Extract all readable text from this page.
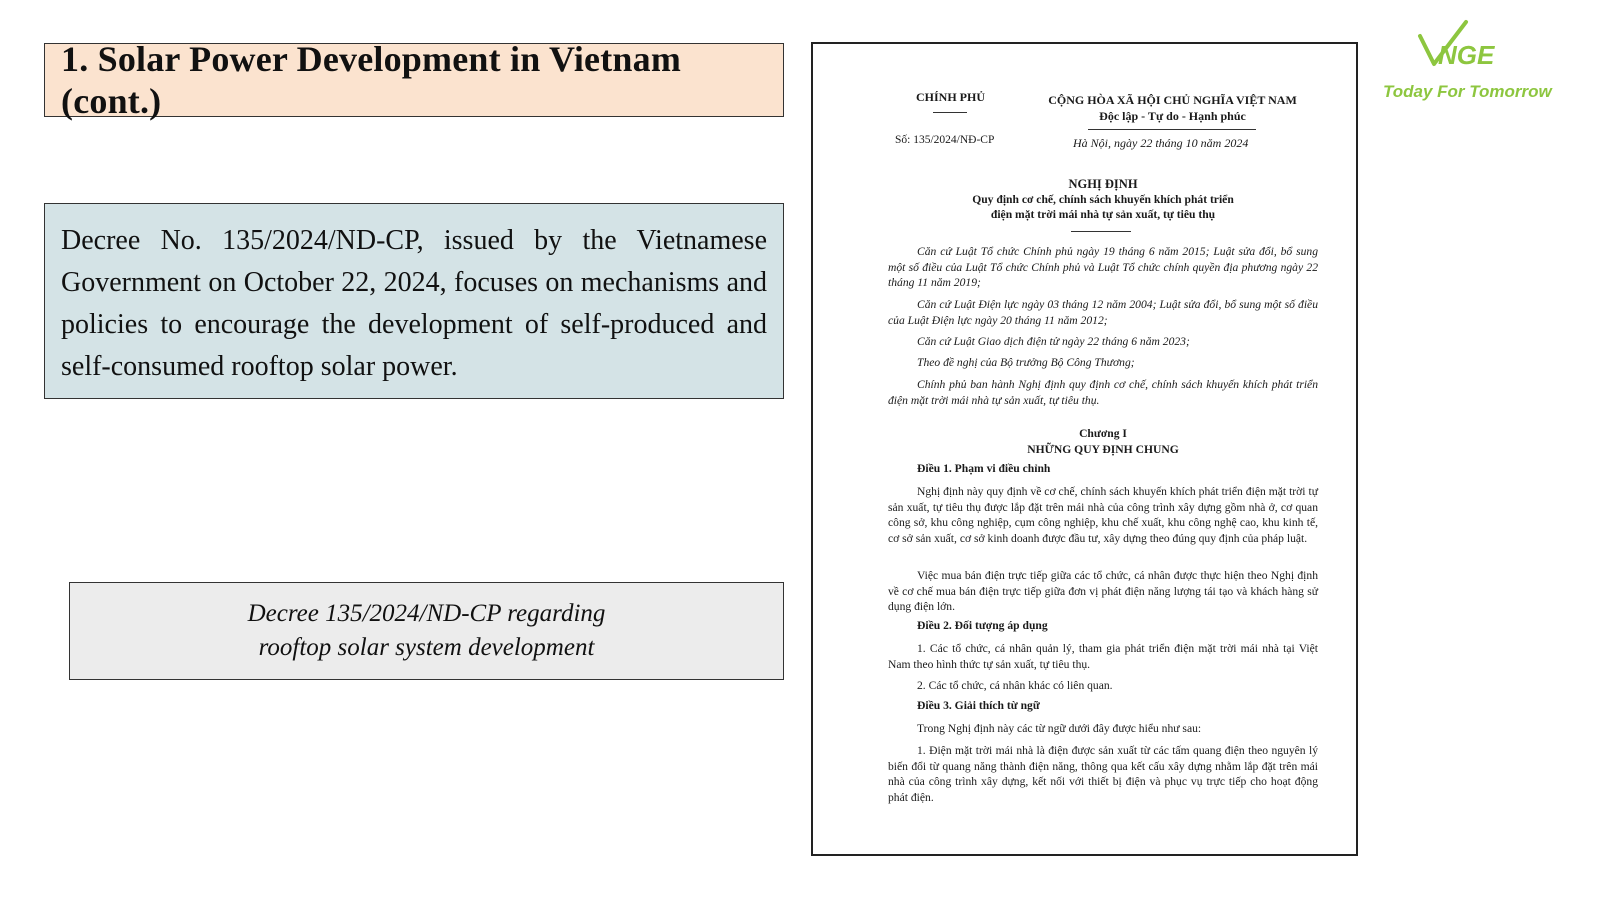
1. Solar Power Development in Vietnam (cont.)

Decree No. 135/2024/ND-CP, issued by the Vietnamese Government on October 22, 2024, focuses on mechanisms and policies to encourage the development of self-produced and self-consumed rooftop solar power.

Decree 135/2024/ND-CP regarding
rooftop solar system development
CHÍNH PHỦ	CỘNG HÒA XÃ HỘI CHỦ NGHĨA VIỆT NAM
Độc lập - Tự do - Hạnh phúc
Số: 135/2024/NĐ-CP	Hà Nội, ngày 22 tháng 10 năm 2024
NGHỊ ĐỊNH
Quy định cơ chế, chính sách khuyến khích phát triển
điện mặt trời mái nhà tự sản xuất, tự tiêu thụ
Căn cứ Luật Tổ chức Chính phủ ngày 19 tháng 6 năm 2015; Luật sửa đổi, bổ sung một số điều của Luật Tổ chức Chính phủ và Luật Tổ chức chính quyền địa phương ngày 22 tháng 11 năm 2019;
Căn cứ Luật Điện lực ngày 03 tháng 12 năm 2004; Luật sửa đổi, bổ sung một số điều của Luật Điện lực ngày 20 tháng 11 năm 2012;
Căn cứ Luật Giao dịch điện tử ngày 22 tháng 6 năm 2023;
Theo đề nghị của Bộ trưởng Bộ Công Thương;
Chính phủ ban hành Nghị định quy định cơ chế, chính sách khuyến khích phát triển điện mặt trời mái nhà tự sản xuất, tự tiêu thụ.
Chương I
NHỮNG QUY ĐỊNH CHUNG
Điều 1. Phạm vi điều chỉnh
Nghị định này quy định về cơ chế, chính sách khuyến khích phát triển điện mặt trời tự sản xuất, tự tiêu thụ được lắp đặt trên mái nhà của công trình xây dựng gồm nhà ở, cơ quan công sở, khu công nghiệp, cụm công nghiệp, khu chế xuất, khu công nghệ cao, khu kinh tế, cơ sở sản xuất, cơ sở kinh doanh được đầu tư, xây dựng theo đúng quy định của pháp luật.
Việc mua bán điện trực tiếp giữa các tổ chức, cá nhân được thực hiện theo Nghị định về cơ chế mua bán điện trực tiếp giữa đơn vị phát điện năng lượng tái tạo và khách hàng sử dụng điện lớn.
Điều 2. Đối tượng áp dụng
1. Các tổ chức, cá nhân quản lý, tham gia phát triển điện mặt trời mái nhà tại Việt Nam theo hình thức tự sản xuất, tự tiêu thụ.
2. Các tổ chức, cá nhân khác có liên quan.
Điều 3. Giải thích từ ngữ
Trong Nghị định này các từ ngữ dưới đây được hiểu như sau:
1. Điện mặt trời mái nhà là điện được sản xuất từ các tấm quang điện theo nguyên lý biến đổi từ quang năng thành điện năng, thông qua kết cấu xây dựng nhằm lắp đặt trên mái nhà của công trình xây dựng, kết nối với thiết bị điện và phục vụ trực tiếp cho hoạt động phát điện.
NGE
Today For Tomorrow
